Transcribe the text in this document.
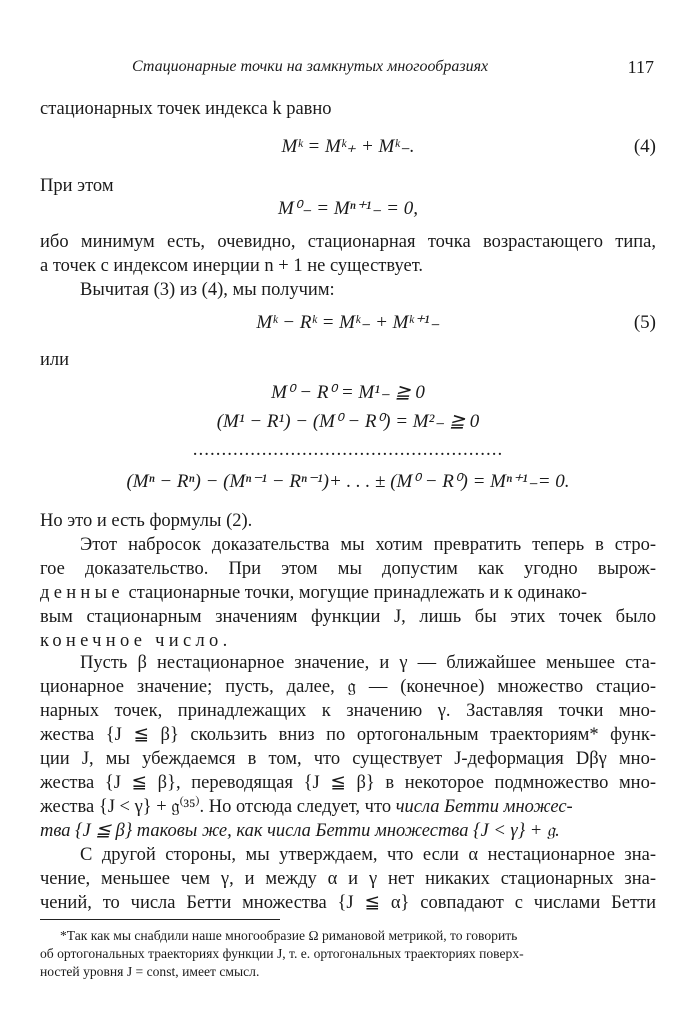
Стационарные точки на замкнутых многообразиях	117
стационарных точек индекса k равно
Mᵏ = Mᵏ₊ + Mᵏ₋.	(4)
При этом
M⁰₋ = Mⁿ⁺¹₋ = 0,
ибо минимум есть, очевидно, стационарная точка возрастающего типа,
а точек с индексом инерции n + 1 не существует.
Вычитая (3) из (4), мы получим:
Mᵏ − Rᵏ = Mᵏ₋ + Mᵏ⁺¹₋	(5)
или
M⁰ − R⁰ = M¹₋ ≧ 0
(M¹ − R¹) − (M⁰ − R⁰) = M²₋ ≧ 0
......................................................
(Mⁿ − Rⁿ) − (Mⁿ⁻¹ − Rⁿ⁻¹)+ . . . ± (M⁰ − R⁰) = Mⁿ⁺¹₋= 0.
Но это и есть формулы (2).
Этот набросок доказательства мы хотим превратить теперь в стро-
гое доказательство. При этом мы допустим как угодно вырож-
денные стационарные точки, могущие принадлежать и к одинако-
вым стационарным значениям функции J, лишь бы этих точек было
конечное число.
Пусть β нестационарное значение, и γ — ближайшее меньшее ста-
ционарное значение; пусть, далее, 𝔤 — (конечное) множество стацио-
нарных точек, принадлежащих к значению γ. Заставляя точки мно-
жества {J ≦ β} скользить вниз по ортогональным траекториям* функ-
ции J, мы убеждаемся в том, что существует J-деформация Dβγ мно-
жества {J ≦ β}, переводящая {J ≦ β} в некоторое подмножество мно-
жества {J < γ} + 𝔤⁽³⁵⁾. Но отсюда следует, что числа Бетти множес-
тва {J ≦ β} таковы же, как числа Бетти множества {J < γ} + 𝔤.
С другой стороны, мы утверждаем, что если α нестационарное зна-
чение, меньшее чем γ, и между α и γ нет никаких стационарных зна-
чений, то числа Бетти множества {J ≦ α} совпадают с числами Бетти
*Так как мы снабдили наше многообразие Ω римановой метрикой, то говорить
об ортогональных траекториях функции J, т. е. ортогональных траекториях поверх-
ностей уровня J = const, имеет смысл.
